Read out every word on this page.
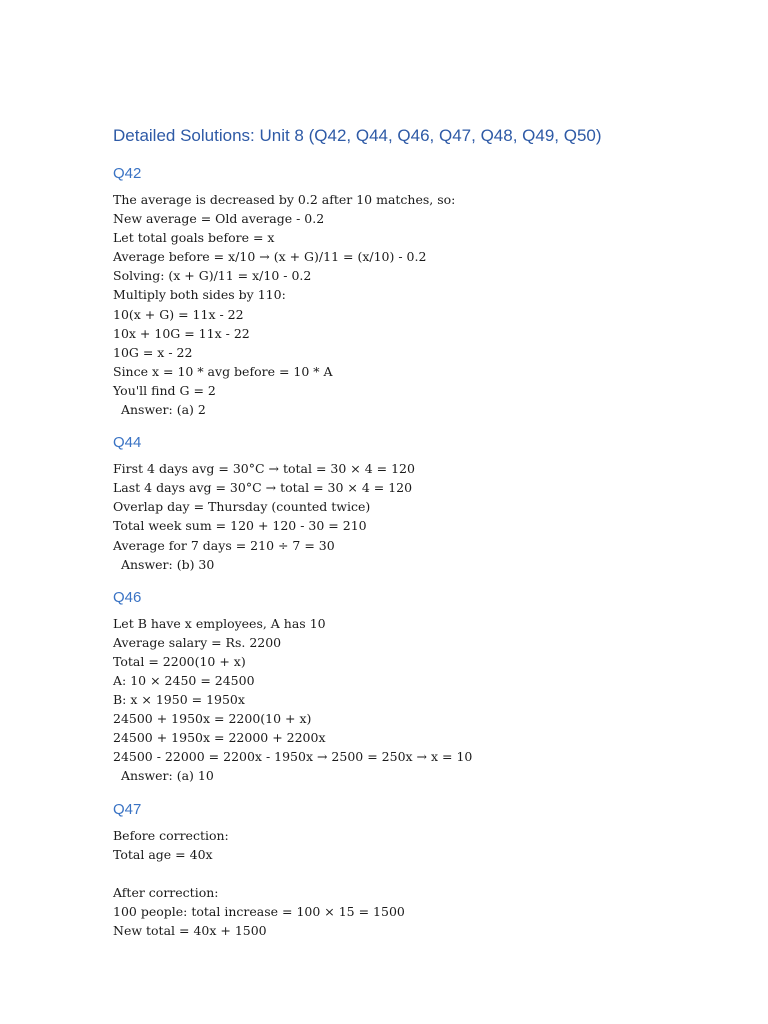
Detailed Solutions: Unit 8 (Q42, Q44, Q46, Q47, Q48, Q49, Q50)
Q42
The average is decreased by 0.2 after 10 matches, so:
New average = Old average - 0.2
Let total goals before = x
Average before = x/10 → (x + G)/11 = (x/10) - 0.2
Solving: (x + G)/11 = x/10 - 0.2
Multiply both sides by 110:
10(x + G) = 11x - 22
10x + 10G = 11x - 22
10G = x - 22
Since x = 10 * avg before = 10 * A
You'll find G = 2
Answer: (a) 2
Q44
First 4 days avg = 30°C → total = 30 × 4 = 120
Last 4 days avg = 30°C → total = 30 × 4 = 120
Overlap day = Thursday (counted twice)
Total week sum = 120 + 120 - 30 = 210
Average for 7 days = 210 ÷ 7 = 30
Answer: (b) 30
Q46
Let B have x employees, A has 10
Average salary = Rs. 2200
Total = 2200(10 + x)
A: 10 × 2450 = 24500
B: x × 1950 = 1950x
24500 + 1950x = 2200(10 + x)
24500 + 1950x = 22000 + 2200x
24500 - 22000 = 2200x - 1950x → 2500 = 250x → x = 10
Answer: (a) 10
Q47
Before correction:
Total age = 40x
After correction:
100 people: total increase = 100 × 15 = 1500
New total = 40x + 1500
